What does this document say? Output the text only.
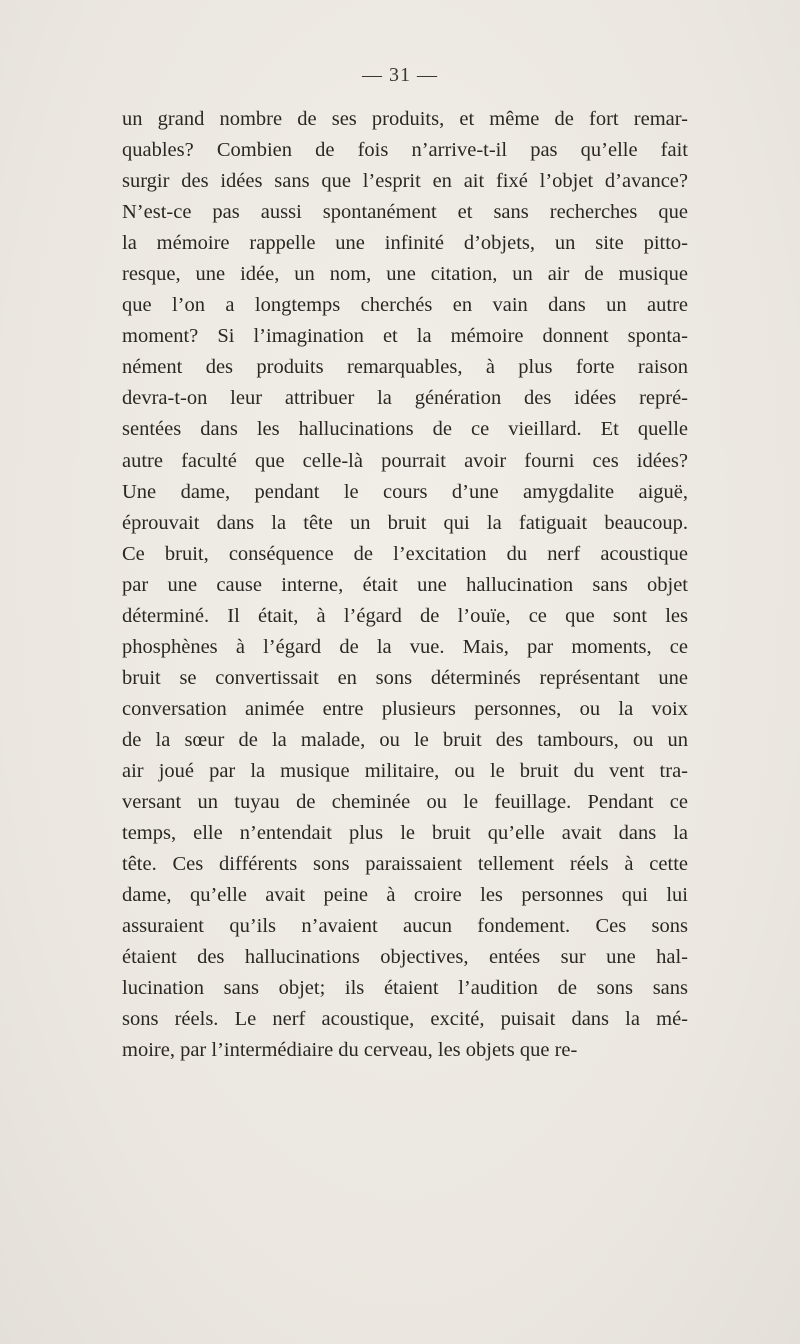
— 31 —
un grand nombre de ses produits, et même de fort remar-
quables? Combien de fois n’arrive-t-il pas qu’elle fait
surgir des idées sans que l’esprit en ait fixé l’objet d’avance?
N’est-ce pas aussi spontanément et sans recherches que
la mémoire rappelle une infinité d’objets, un site pitto-
resque, une idée, un nom, une citation, un air de musique
que l’on a longtemps cherchés en vain dans un autre
moment? Si l’imagination et la mémoire donnent sponta-
nément des produits remarquables, à plus forte raison
devra-t-on leur attribuer la génération des idées repré-
sentées dans les hallucinations de ce vieillard. Et quelle
autre faculté que celle-là pourrait avoir fourni ces idées?
Une dame, pendant le cours d’une amygdalite aiguë,
éprouvait dans la tête un bruit qui la fatiguait beaucoup.
Ce bruit, conséquence de l’excitation du nerf acoustique
par une cause interne, était une hallucination sans objet
déterminé. Il était, à l’égard de l’ouïe, ce que sont les
phosphènes à l’égard de la vue. Mais, par moments, ce
bruit se convertissait en sons déterminés représentant une
conversation animée entre plusieurs personnes, ou la voix
de la sœur de la malade, ou le bruit des tambours, ou un
air joué par la musique militaire, ou le bruit du vent tra-
versant un tuyau de cheminée ou le feuillage. Pendant ce
temps, elle n’entendait plus le bruit qu’elle avait dans la
tête. Ces différents sons paraissaient tellement réels à cette
dame, qu’elle avait peine à croire les personnes qui lui
assuraient qu’ils n’avaient aucun fondement. Ces sons
étaient des hallucinations objectives, entées sur une hal-
lucination sans objet; ils étaient l’audition de sons sans
sons réels. Le nerf acoustique, excité, puisait dans la mé-
moire, par l’intermédiaire du cerveau, les objets que re-
